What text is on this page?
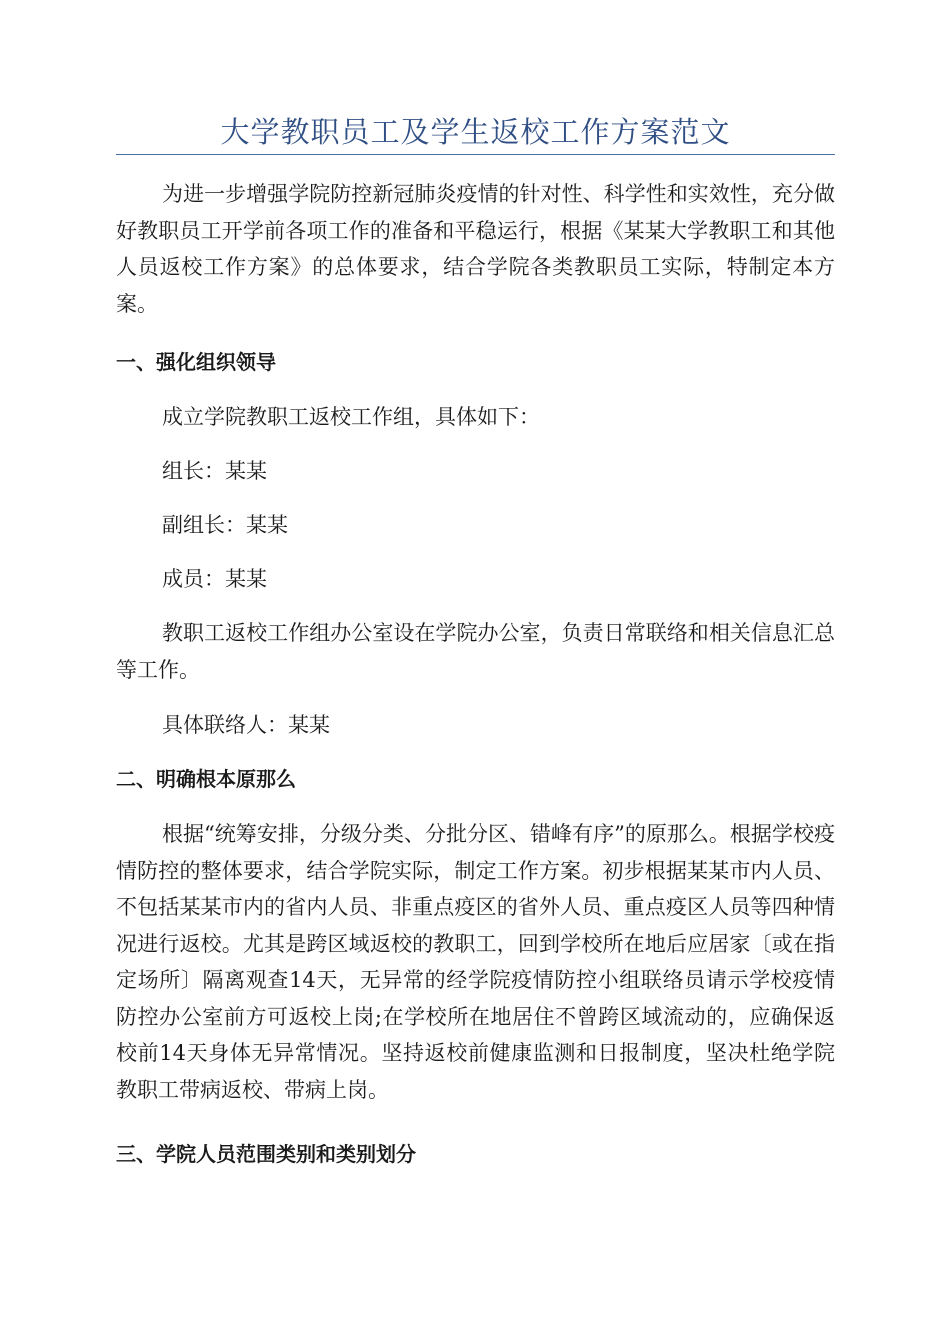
大学教职员工及学生返校工作方案范文
为进一步增强学院防控新冠肺炎疫情的针对性、科学性和实效性，充分做好教职员工开学前各项工作的准备和平稳运行，根据《某某大学教职工和其他人员返校工作方案》的总体要求，结合学院各类教职员工实际，特制定本方案。
一、强化组织领导
成立学院教职工返校工作组，具体如下：
组长：某某
副组长：某某
成员：某某
教职工返校工作组办公室设在学院办公室，负责日常联络和相关信息汇总等工作。
具体联络人：某某
二、明确根本原那么
根据“统筹安排，分级分类、分批分区、错峰有序”的原那么。根据学校疫情防控的整体要求，结合学院实际，制定工作方案。初步根据某某市内人员、不包括某某市内的省内人员、非重点疫区的省外人员、重点疫区人员等四种情况进行返校。尤其是跨区域返校的教职工，回到学校所在地后应居家〔或在指定场所〕隔离观查14天，无异常的经学院疫情防控小组联络员请示学校疫情防控办公室前方可返校上岗;在学校所在地居住不曾跨区域流动的，应确保返校前14天身体无异常情况。坚持返校前健康监测和日报制度，坚决杜绝学院教职工带病返校、带病上岗。
三、学院人员范围类别和类别划分
